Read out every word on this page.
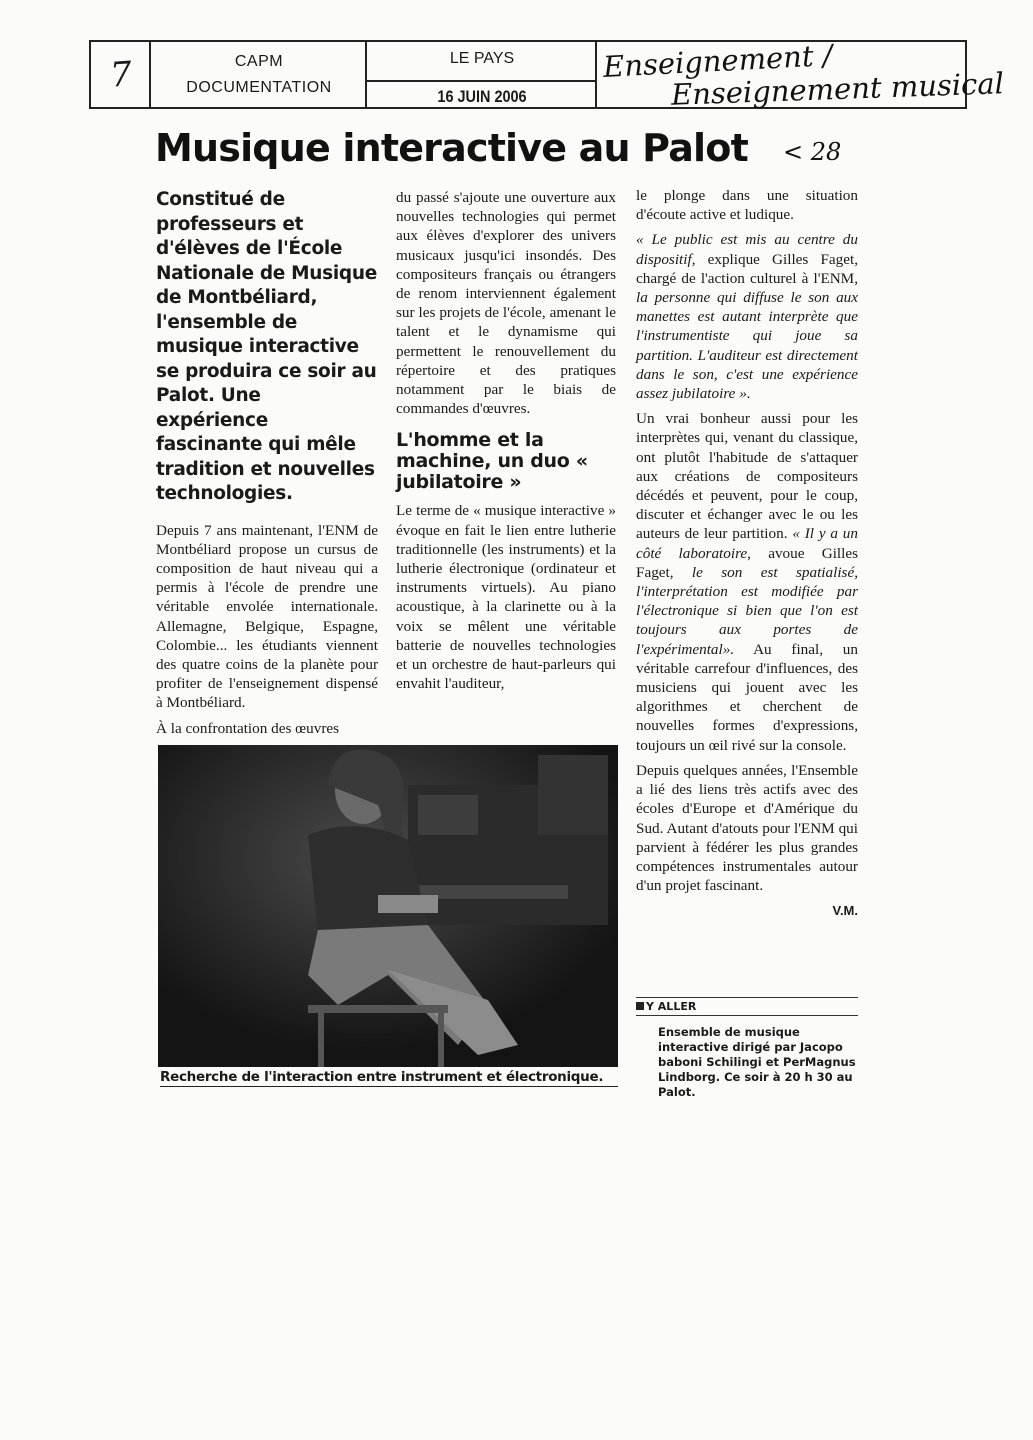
7	CAPM
DOCUMENTATION
LE PAYS
16 JUIN 2006
Enseignement /
Enseignement musical
Musique interactive au Palot < 28
Constitué de professeurs et d'élèves de l'École Nationale de Musique de Montbéliard, l'ensemble de musique interactive se produira ce soir au Palot. Une expérience fascinante qui mêle tradition et nouvelles technologies.

Depuis 7 ans maintenant, l'ENM de Montbéliard propose un cursus de composition de haut niveau qui a permis à l'école de prendre une véritable envolée internationale. Allemagne, Belgique, Espagne, Colombie... les étudiants viennent des quatre coins de la planète pour profiter de l'enseignement dispensé à Montbéliard.

À la confrontation des œuvres

du passé s'ajoute une ouverture aux nouvelles technologies qui permet aux élèves d'explorer des univers musicaux jusqu'ici insondés. Des compositeurs français ou étrangers de renom interviennent également sur les projets de l'école, amenant le talent et le dynamisme qui permettent le renouvellement du répertoire et des pratiques notamment par le biais de commandes d'œuvres.

L'homme et la machine, un duo « jubilatoire »

Le terme de « musique interactive » évoque en fait le lien entre lutherie traditionnelle (les instruments) et la lutherie électronique (ordinateur et instruments virtuels). Au piano acoustique, à la clarinette ou à la voix se mêlent une véritable batterie de nouvelles technologies et un orchestre de haut-parleurs qui envahit l'auditeur,

le plonge dans une situation d'écoute active et ludique.

« Le public est mis au centre du dispositif, explique Gilles Faget, chargé de l'action culturel à l'ENM, la personne qui diffuse le son aux manettes est autant interprète que l'instrumentiste qui joue sa partition. L'auditeur est directement dans le son, c'est une expérience assez jubilatoire ».

Un vrai bonheur aussi pour les interprètes qui, venant du classique, ont plutôt l'habitude de s'attaquer aux créations de compositeurs décédés et peuvent, pour le coup, discuter et échanger avec le ou les auteurs de leur partition. « Il y a un côté laboratoire, avoue Gilles Faget, le son est spatialisé, l'interprétation est modifiée par l'électronique si bien que l'on est toujours aux portes de l'expérimental». Au final, un véritable carrefour d'influences, des musiciens qui jouent avec les algorithmes et cherchent de nouvelles formes d'expressions, toujours un œil rivé sur la console.

Depuis quelques années, l'Ensemble a lié des liens très actifs avec des écoles d'Europe et d'Amérique du Sud. Autant d'atouts pour l'ENM qui parvient à fédérer les plus grandes compétences instrumentales autour d'un projet fascinant.

V.M.
Recherche de l'interaction entre instrument et électronique.
Y ALLER
Ensemble de musique interactive dirigé par Jacopo baboni Schilingi et PerMagnus Lindborg. Ce soir à 20 h 30 au Palot.
